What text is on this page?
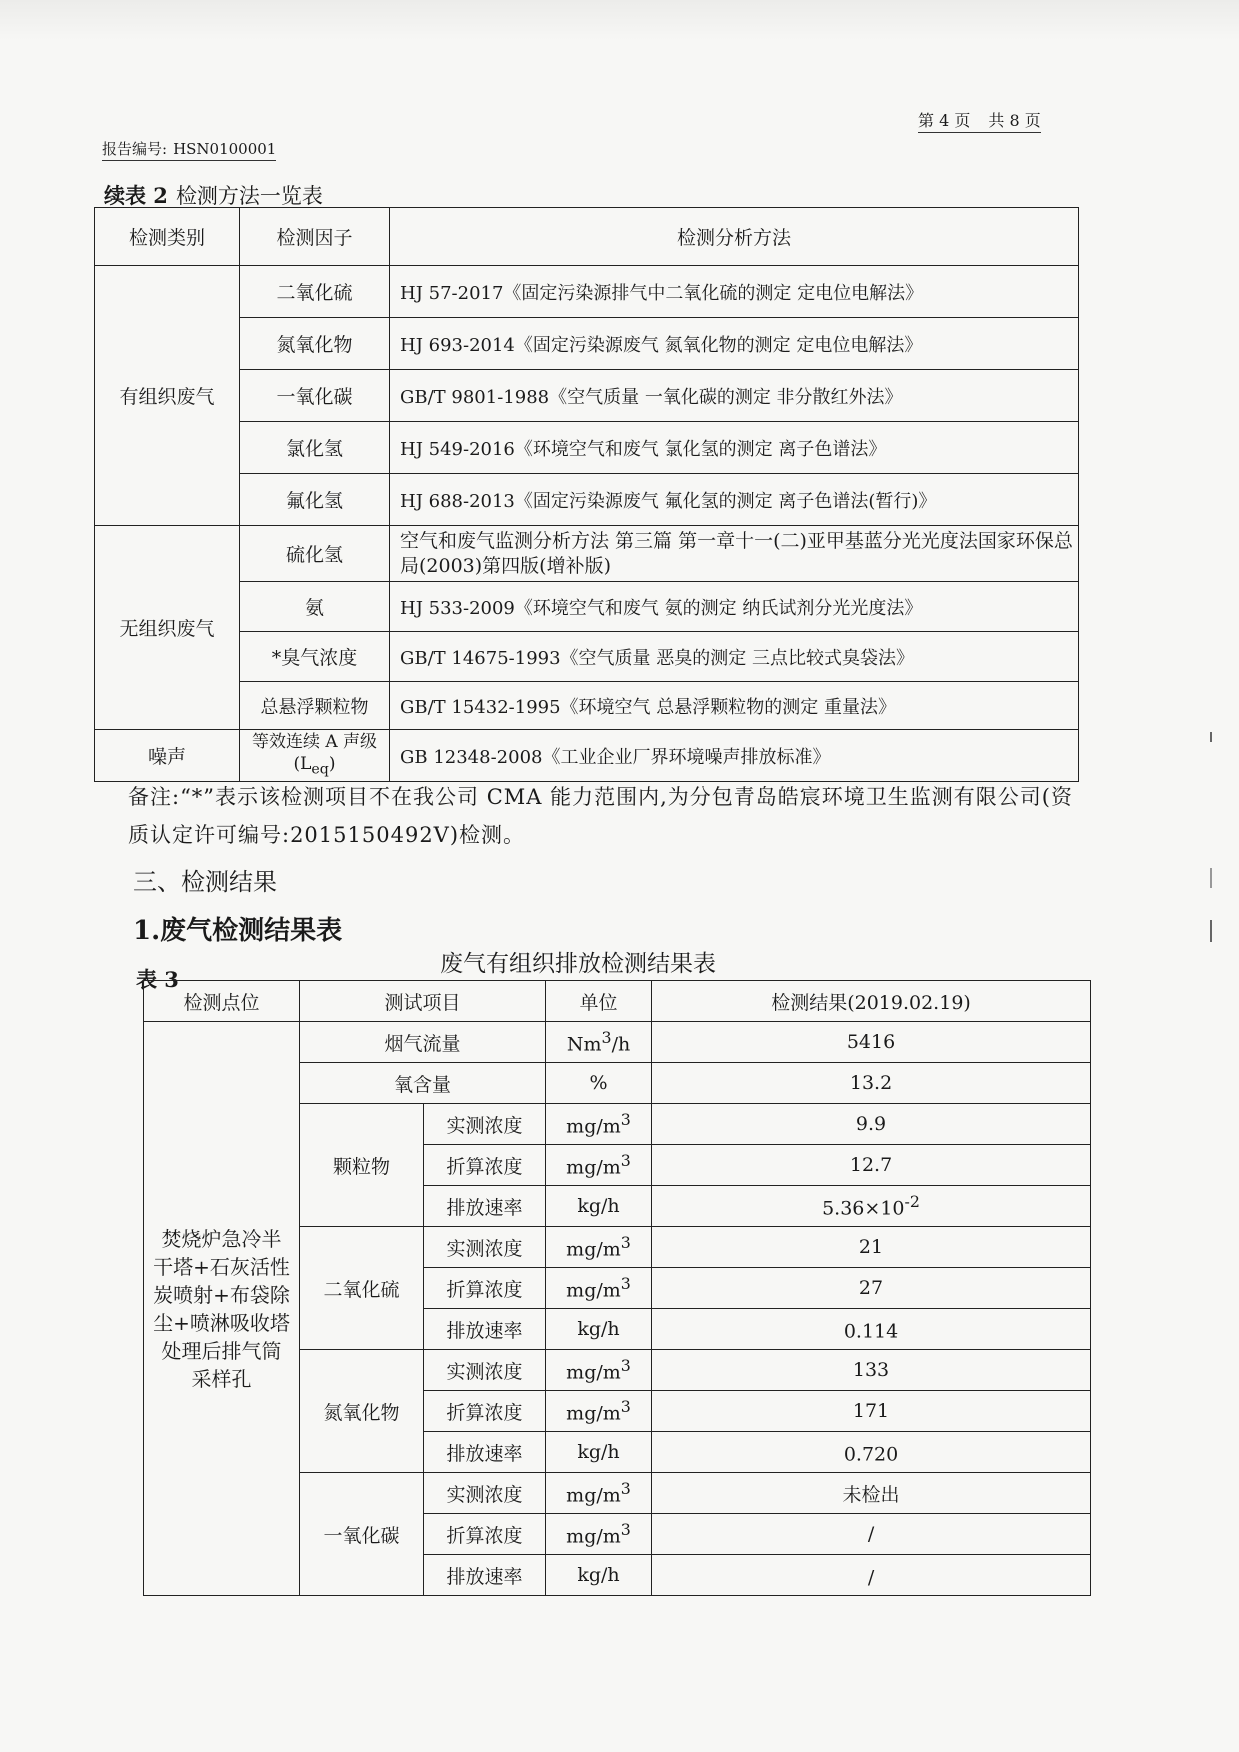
第 4 页 共 8 页
报告编号: HSN0100001
续表 2 检测方法一览表
检测类别	检测因子	检测分析方法
有组织废气	二氧化硫	HJ 57-2017《固定污染源排气中二氧化硫的测定 定电位电解法》
	氮氧化物	HJ 693-2014《固定污染源废气 氮氧化物的测定 定电位电解法》
	一氧化碳	GB/T 9801-1988《空气质量 一氧化碳的测定 非分散红外法》
	氯化氢	HJ 549-2016《环境空气和废气 氯化氢的测定 离子色谱法》
	氟化氢	HJ 688-2013《固定污染源废气 氟化氢的测定 离子色谱法(暂行)》
无组织废气	硫化氢	空气和废气监测分析方法 第三篇 第一章十一(二)亚甲基蓝分光光度法国家环保总局(2003)第四版(增补版)
	氨	HJ 533-2009《环境空气和废气 氨的测定 纳氏试剂分光光度法》
	*臭气浓度	GB/T 14675-1993《空气质量 恶臭的测定 三点比较式臭袋法》
	总悬浮颗粒物	GB/T 15432-1995《环境空气 总悬浮颗粒物的测定 重量法》
噪声	等效连续 A 声级$(L_{eq})$	GB 12348-2008《工业企业厂界环境噪声排放标准》
备注:“*”表示该检测项目不在我公司 CMA 能力范围内,为分包青岛皓宸环境卫生监测有限公司(资质认定许可编号:2015150492V)检测。
三、检测结果
1.废气检测结果表
表 3
废气有组织排放检测结果表
检测点位	测试项目		单位	检测结果(2019.02.19)
焚烧炉急冷半干塔+石灰活性炭喷射+布袋除尘+喷淋吸收塔处理后排气筒采样孔	烟气流量		Nm$^3$/h	5416
	氧含量		%	13.2
	颗粒物	实测浓度	$mg/m^3$	9.9
		折算浓度	$mg/m^3$	12.7
		排放速率	kg/h	$5.36\times 10^{-2}$
	二氧化硫	实测浓度	$mg/m^3$	21
		折算浓度	$mg/m^3$	27
		排放速率	kg/h	0.114
	氮氧化物	实测浓度	$mg/m^3$	133
		折算浓度	$mg/m^3$	171
		排放速率	kg/h	0.720
	一氧化碳	实测浓度	$mg/m^3$	未检出
		折算浓度	$mg/m^3$	/
		排放速率	kg/h	/
